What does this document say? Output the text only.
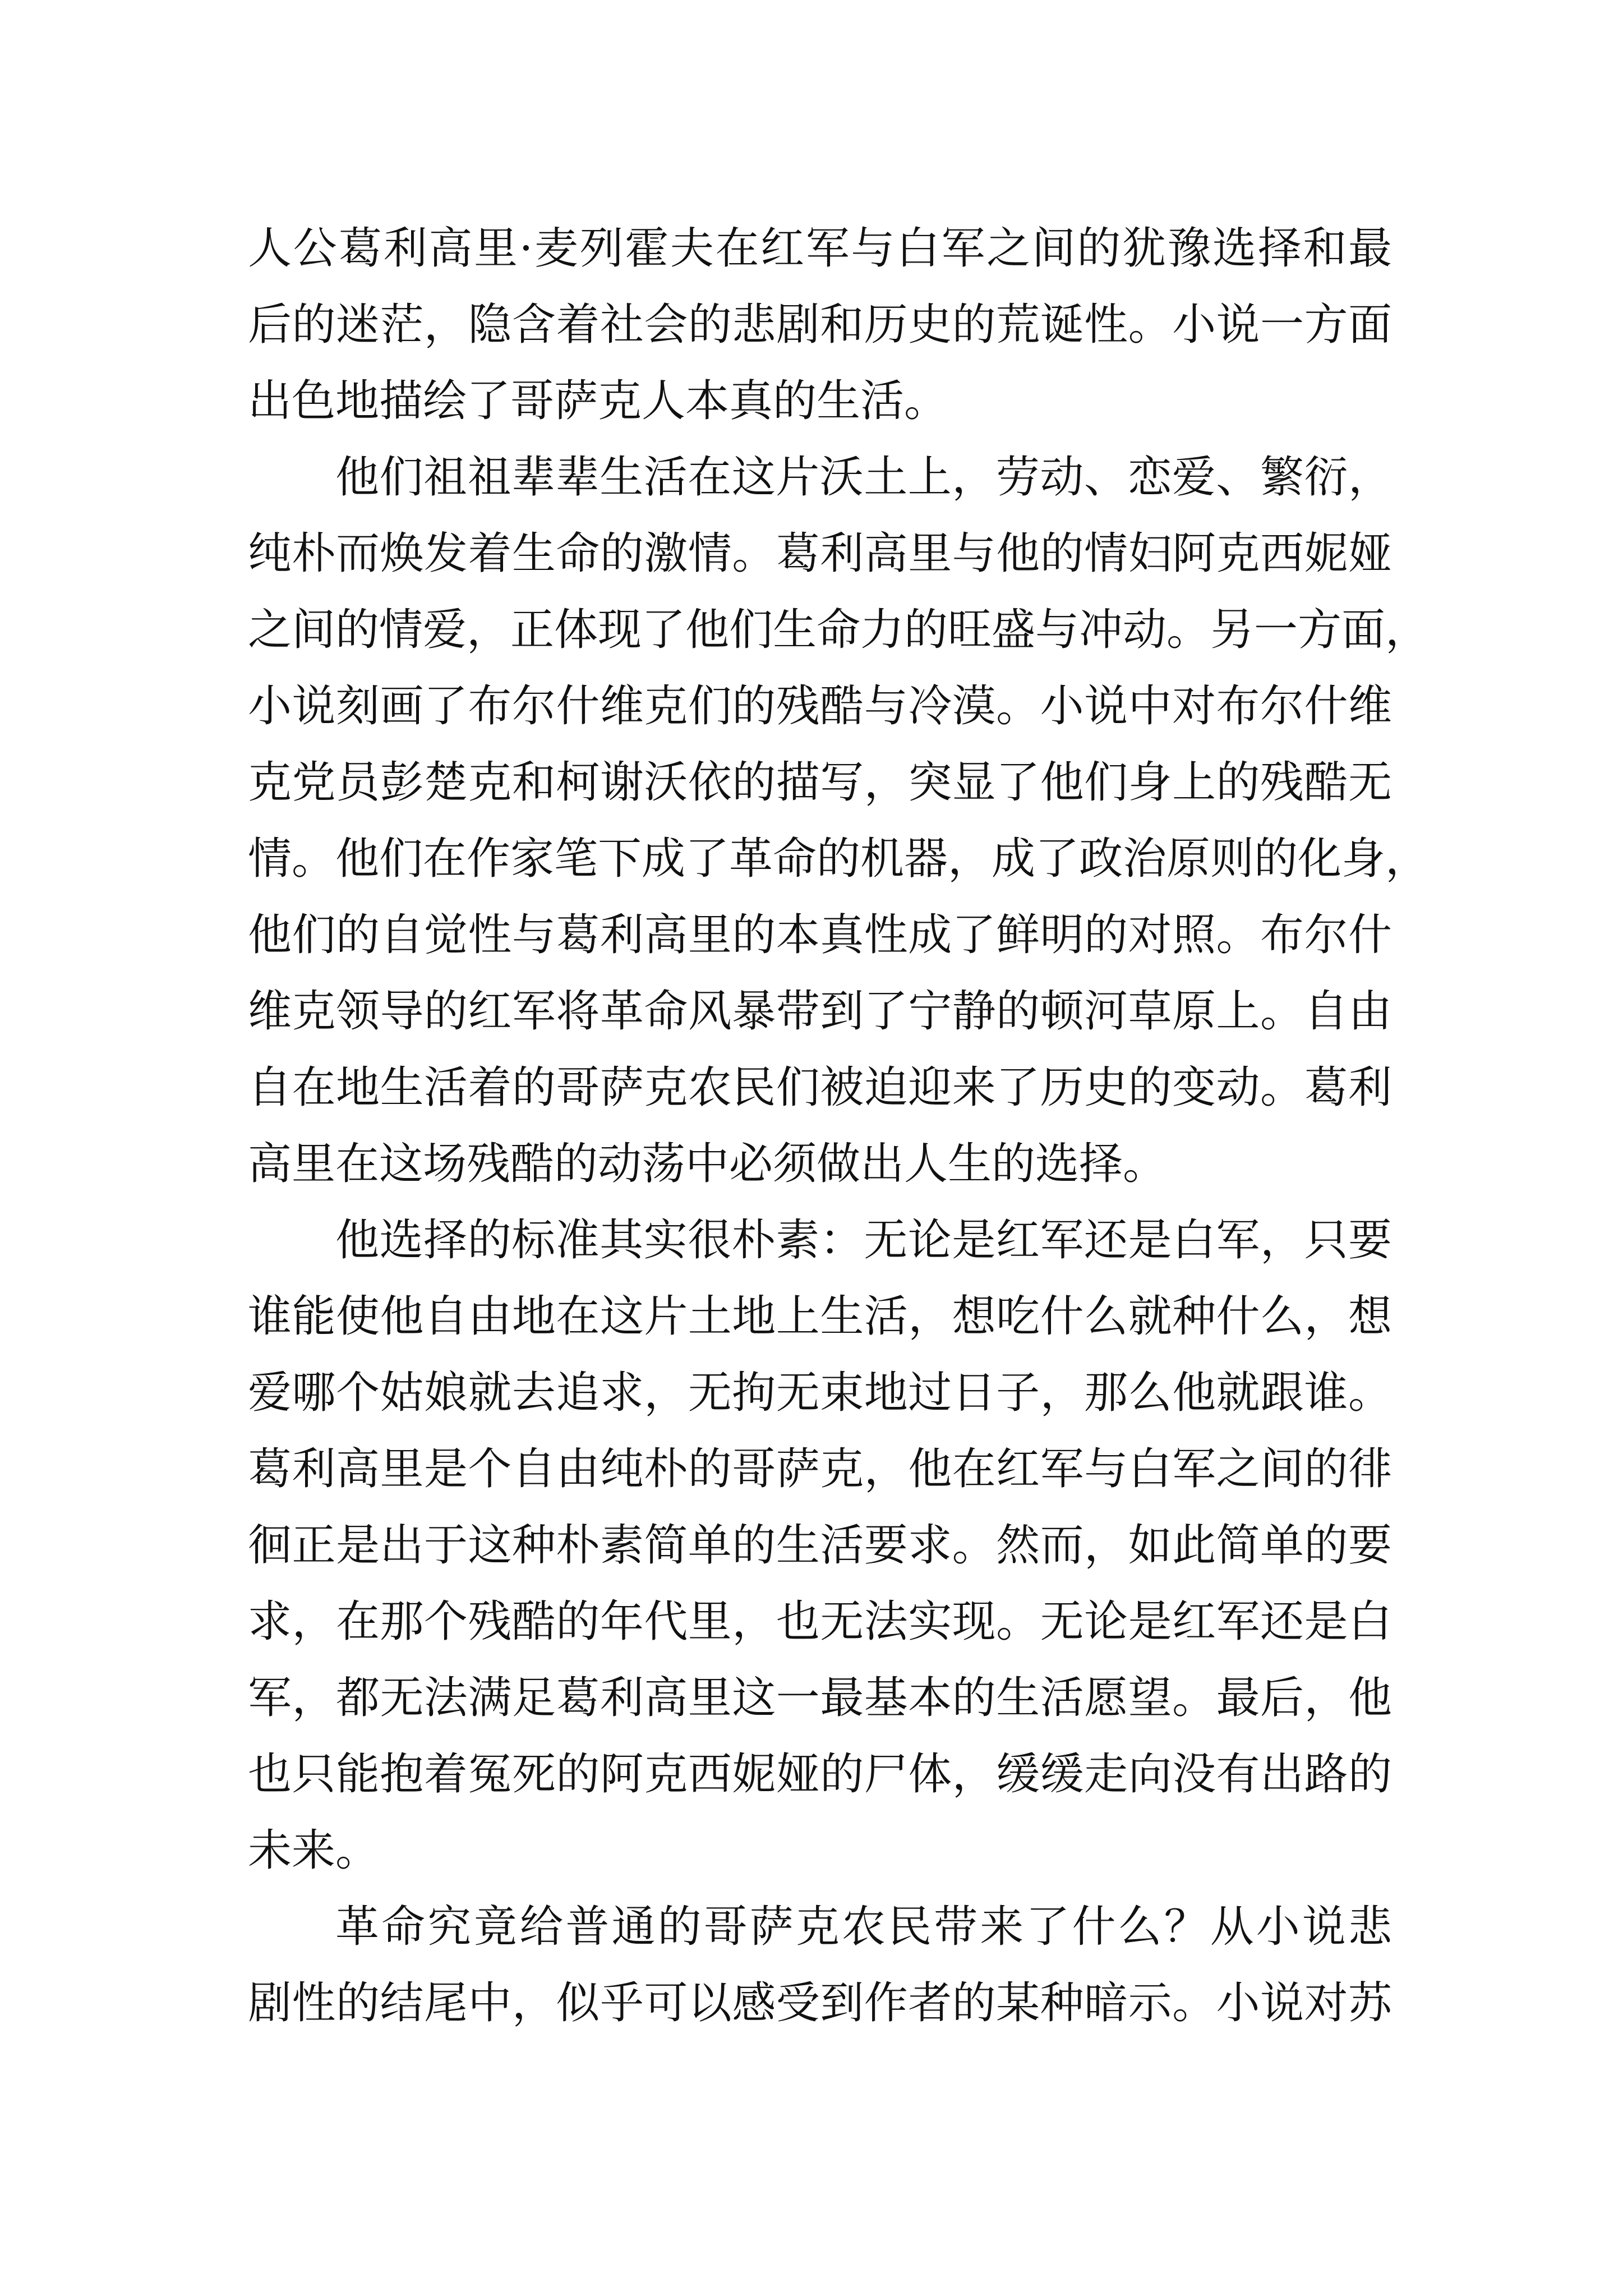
人公葛利高里·麦列霍夫在红军与白军之间的犹豫选择和最
后的迷茫，隐含着社会的悲剧和历史的荒诞性。小说一方面
出色地描绘了哥萨克人本真的生活。
他们祖祖辈辈生活在这片沃土上，劳动、恋爱、繁衍，
纯朴而焕发着生命的激情。葛利高里与他的情妇阿克西妮娅
之间的情爱，正体现了他们生命力的旺盛与冲动。另一方面，
小说刻画了布尔什维克们的残酷与冷漠。小说中对布尔什维
克党员彭楚克和柯谢沃依的描写，突显了他们身上的残酷无
情。他们在作家笔下成了革命的机器，成了政治原则的化身，
他们的自觉性与葛利高里的本真性成了鲜明的对照。布尔什
维克领导的红军将革命风暴带到了宁静的顿河草原上。自由
自在地生活着的哥萨克农民们被迫迎来了历史的变动。葛利
高里在这场残酷的动荡中必须做出人生的选择。
他选择的标准其实很朴素：无论是红军还是白军，只要
谁能使他自由地在这片土地上生活，想吃什么就种什么，想
爱哪个姑娘就去追求，无拘无束地过日子，那么他就跟谁。
葛利高里是个自由纯朴的哥萨克，他在红军与白军之间的徘
徊正是出于这种朴素简单的生活要求。然而，如此简单的要
求，在那个残酷的年代里，也无法实现。无论是红军还是白
军，都无法满足葛利高里这一最基本的生活愿望。最后，他
也只能抱着冤死的阿克西妮娅的尸体，缓缓走向没有出路的
未来。
革命究竟给普通的哥萨克农民带来了什么？从小说悲
剧性的结尾中，似乎可以感受到作者的某种暗示。小说对苏
